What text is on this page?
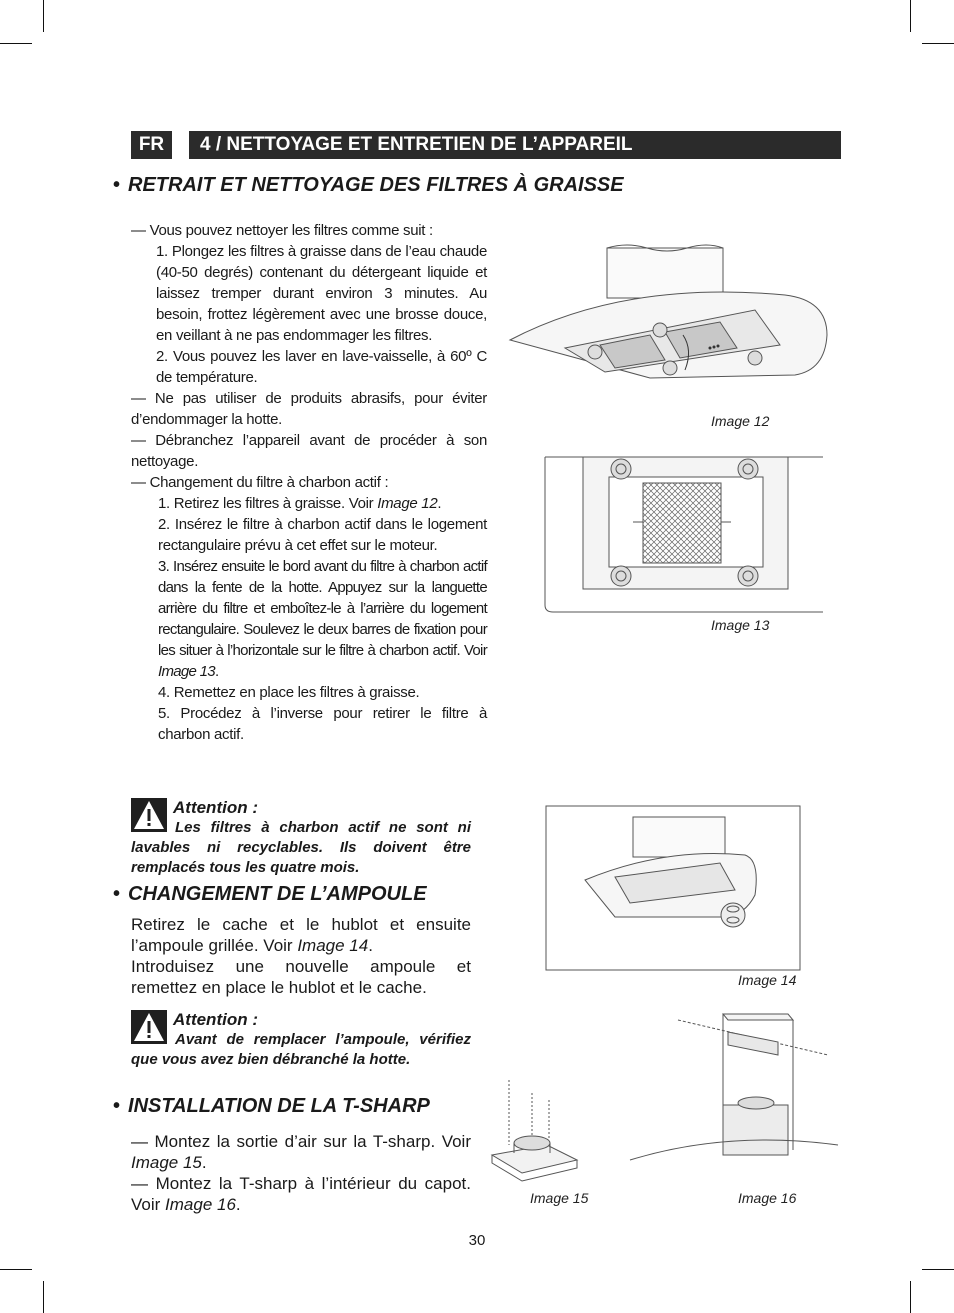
FR	4 / NETTOYAGE ET ENTRETIEN DE L’APPAREIL
• RETRAIT ET NETTOYAGE DES FILTRES À GRAISSE

— Vous pouvez nettoyer les filtres comme suit :

1. Plongez les filtres à graisse dans de l’eau chaude (40-50 degrés) contenant du détergeant liquide et laissez tremper durant environ 3 minutes. Au besoin, frottez légèrement avec une brosse douce, en veillant à ne pas endommager les filtres.

2. Vous pouvez les laver en lave-vaisselle, à 60º C de température.

— Ne pas utiliser de produits abrasifs, pour éviter d’endommager la hotte.

— Débranchez l’appareil avant de procéder à son nettoyage.

— Changement du filtre à charbon actif :

1. Retirez les filtres à graisse. Voir Image 12.

2. Insérez le filtre à charbon actif dans le logement rectangulaire prévu à cet effet sur le moteur.

3. Insérez ensuite le bord avant du filtre à charbon actif dans la fente de la hotte. Appuyez sur la languette arrière du filtre et emboîtez-le à l’arrière du logement rectangulaire. Soulevez le deux barres de fixation pour les situer à l’horizontale sur le filtre à charbon actif. Voir Image 13.

4. Remettez en place les filtres à graisse.

5. Procédez à l’inverse pour retirer le filtre à charbon actif.

Attention :

Les filtres à charbon actif ne sont ni lavables ni recyclables. Ils doivent être remplacés tous les quatre mois.

• CHANGEMENT DE L’AMPOULE

Retirez le cache et le hublot et ensuite l’ampoule grillée. Voir Image 14.

Introduisez une nouvelle ampoule et remettez en place le hublot et le cache.

Attention :

Avant de remplacer l’ampoule, vérifiez que vous avez bien débranché la hotte.

• INSTALLATION DE LA T-SHARP

— Montez la sortie d’air sur la T-sharp. Voir Image 15.

— Montez la T-sharp à l’intérieur du capot. Voir Image 16.

Image 12
Image 13
Image 14
Image 15	Image 16
30
